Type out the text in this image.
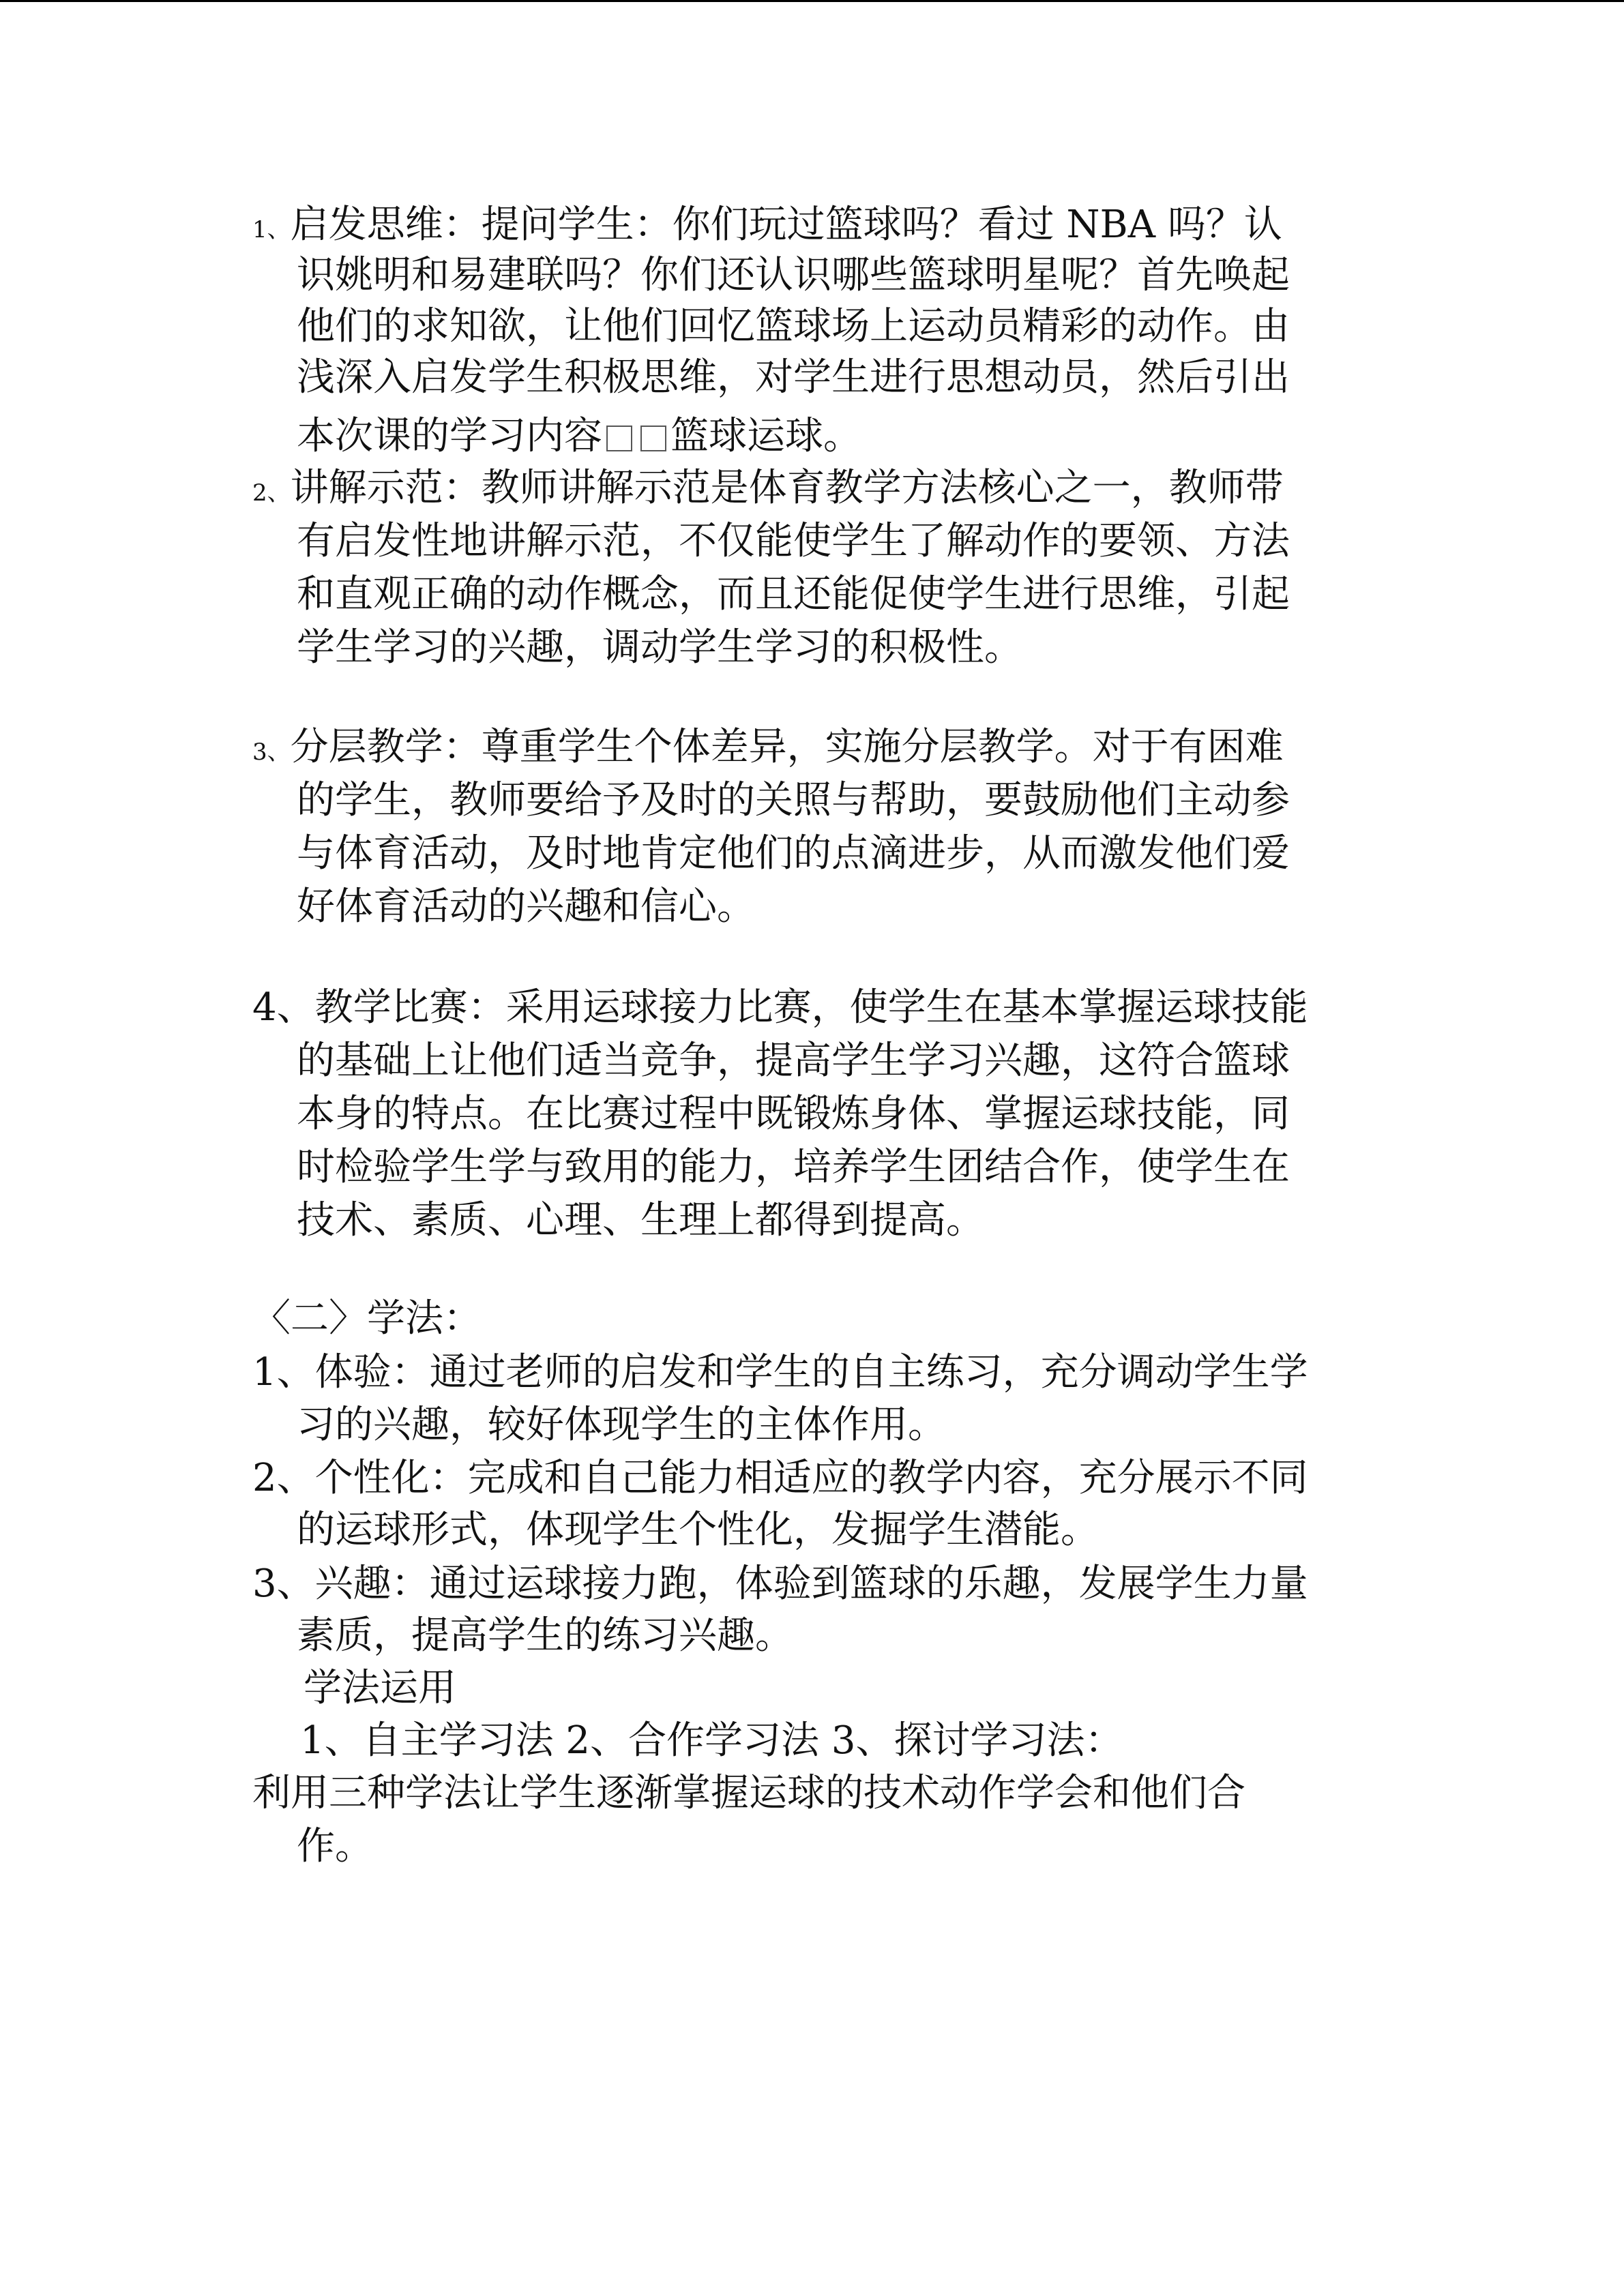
1、启发思维：提问学生：你们玩过篮球吗？看过 NBA 吗？认
识姚明和易建联吗？你们还认识哪些篮球明星呢？首先唤起
他们的求知欲，让他们回忆篮球场上运动员精彩的动作。由
浅深入启发学生积极思维，对学生进行思想动员，然后引出
本次课的学习内容 篮球运球。
2、讲解示范：教师讲解示范是体育教学方法核心之一，教师带
有启发性地讲解示范，不仅能使学生了解动作的要领、方法
和直观正确的动作概念，而且还能促使学生进行思维，引起
学生学习的兴趣，调动学生学习的积极性。
3、分层教学：尊重学生个体差异，实施分层教学。对于有困难
的学生，教师要给予及时的关照与帮助，要鼓励他们主动参
与体育活动，及时地肯定他们的点滴进步，从而激发他们爱
好体育活动的兴趣和信心。
4、教学比赛：采用运球接力比赛，使学生在基本掌握运球技能
的基础上让他们适当竞争，提高学生学习兴趣，这符合篮球
本身的特点。在比赛过程中既锻炼身体、掌握运球技能，同
时检验学生学与致用的能力，培养学生团结合作，使学生在
技术、素质、心理、生理上都得到提高。
〈二〉学法：
1、体验：通过老师的启发和学生的自主练习，充分调动学生学
习的兴趣，较好体现学生的主体作用。
2、个性化：完成和自己能力相适应的教学内容，充分展示不同
的运球形式，体现学生个性化，发掘学生潜能。
3、兴趣：通过运球接力跑，体验到篮球的乐趣，发展学生力量
素质，提高学生的练习兴趣。
学法运用
1、自主学习法 2、合作学习法 3、探讨学习法：
利用三种学法让学生逐渐掌握运球的技术动作学会和他们合
作。
